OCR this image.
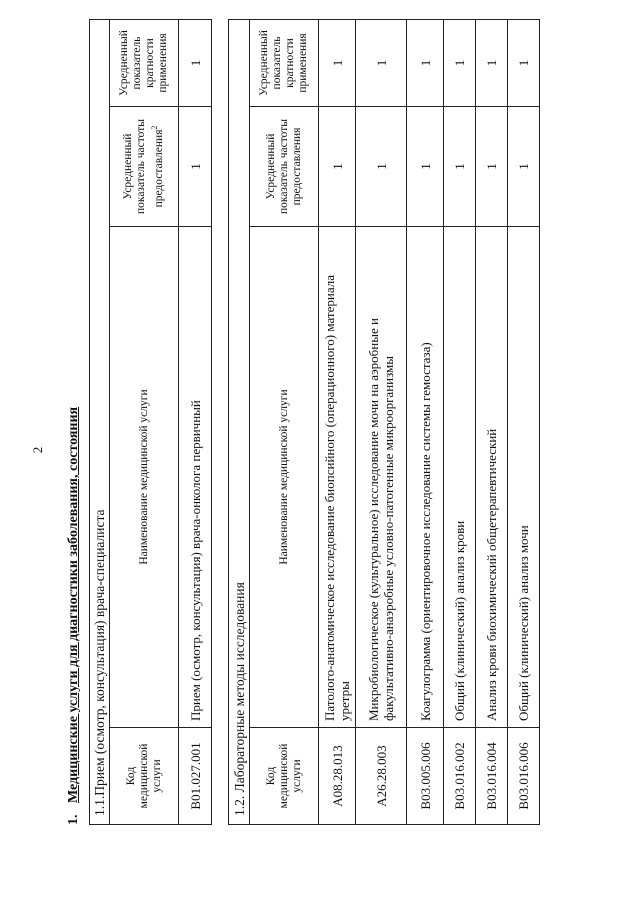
2
1.Медицинские услуги для диагностики заболевания, состояния 1.1.Прием (осмотр, консультация) врача-специалиста			
Код медицинской услуги	Наименование медицинской услуги	Усредненный показатель частоты предоставления$^2$	Усредненный показатель кратности применения
B01.027.001	Прием (осмотр, консультация) врача-онколога первичный	1	1
1.2. Лабораторные методы исследования			
Код медицинской услуги	Наименование медицинской услуги	Усредненный показатель частоты предоставления	Усредненный показатель кратности применения
A08.28.013	Патолого-анатомическое исследование биопсийного (операционного) материала уретры	1	1
A26.28.003	Микробиологическое (культуральное) исследование мочи на аэробные и факультативно-анаэробные условно-патогенные микроорганизмы	1	1
B03.005.006	Коагулограмма (ориентировочное исследование системы гемостаза)	1	1
B03.016.002	Общий (клинический) анализ крови	1	1
B03.016.004	Анализ крови биохимический общетерапевтический	1	1
B03.016.006	Общий (клинический) анализ мочи	1	1
